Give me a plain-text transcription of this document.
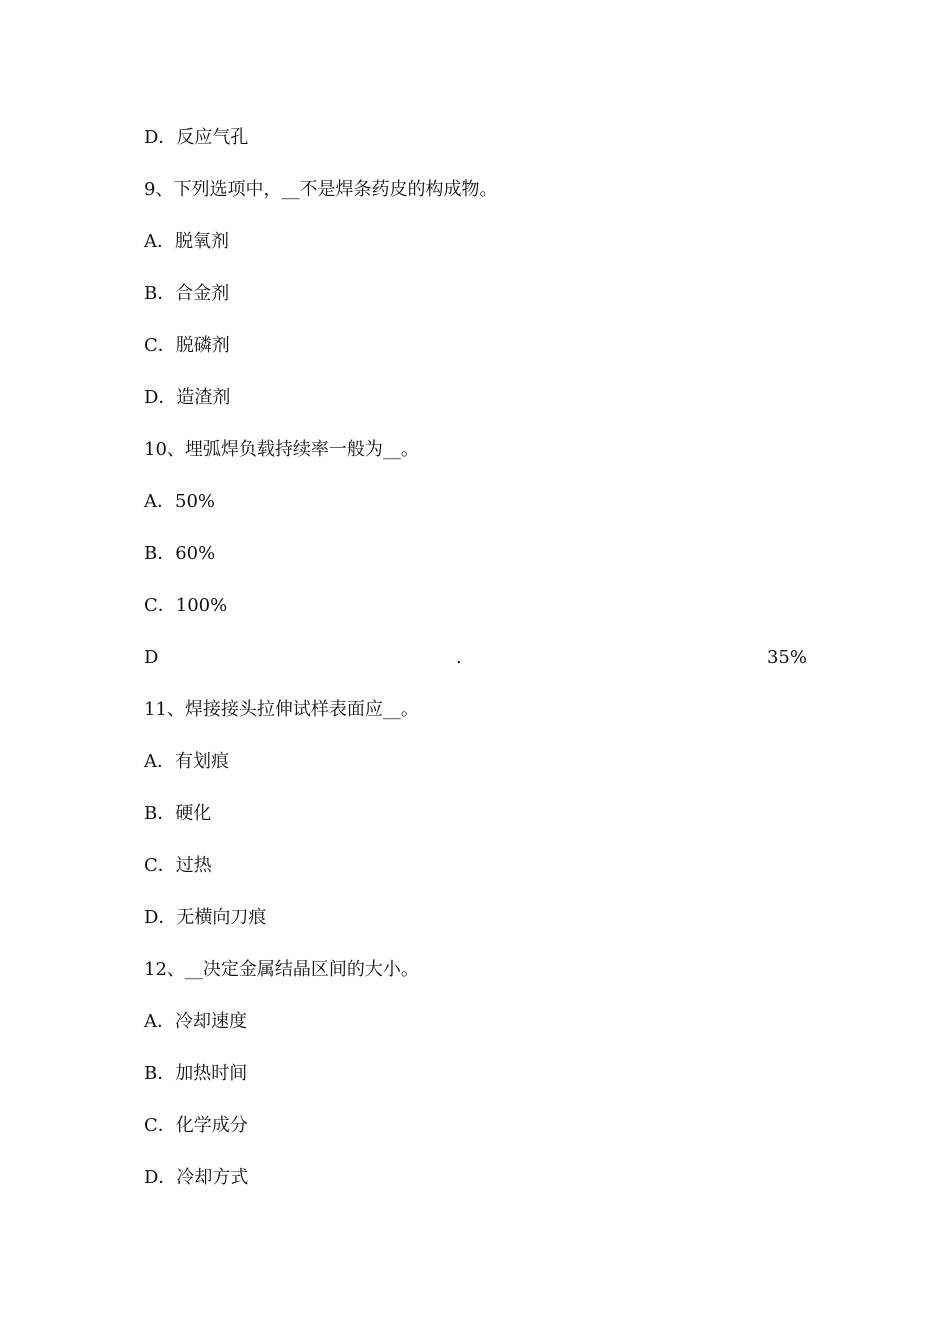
D．反应气孔
9、下列选项中，__不是焊条药皮的构成物。
A．脱氧剂
B．合金剂
C．脱磷剂
D．造渣剂
10、埋弧焊负载持续率一般为__。
A．50%
B．60%
C．100%
D	.	35%
11、焊接接头拉伸试样表面应__。
A．有划痕
B．硬化
C．过热
D．无横向刀痕
12、__决定金属结晶区间的大小。
A．冷却速度
B．加热时间
C．化学成分
D．冷却方式
